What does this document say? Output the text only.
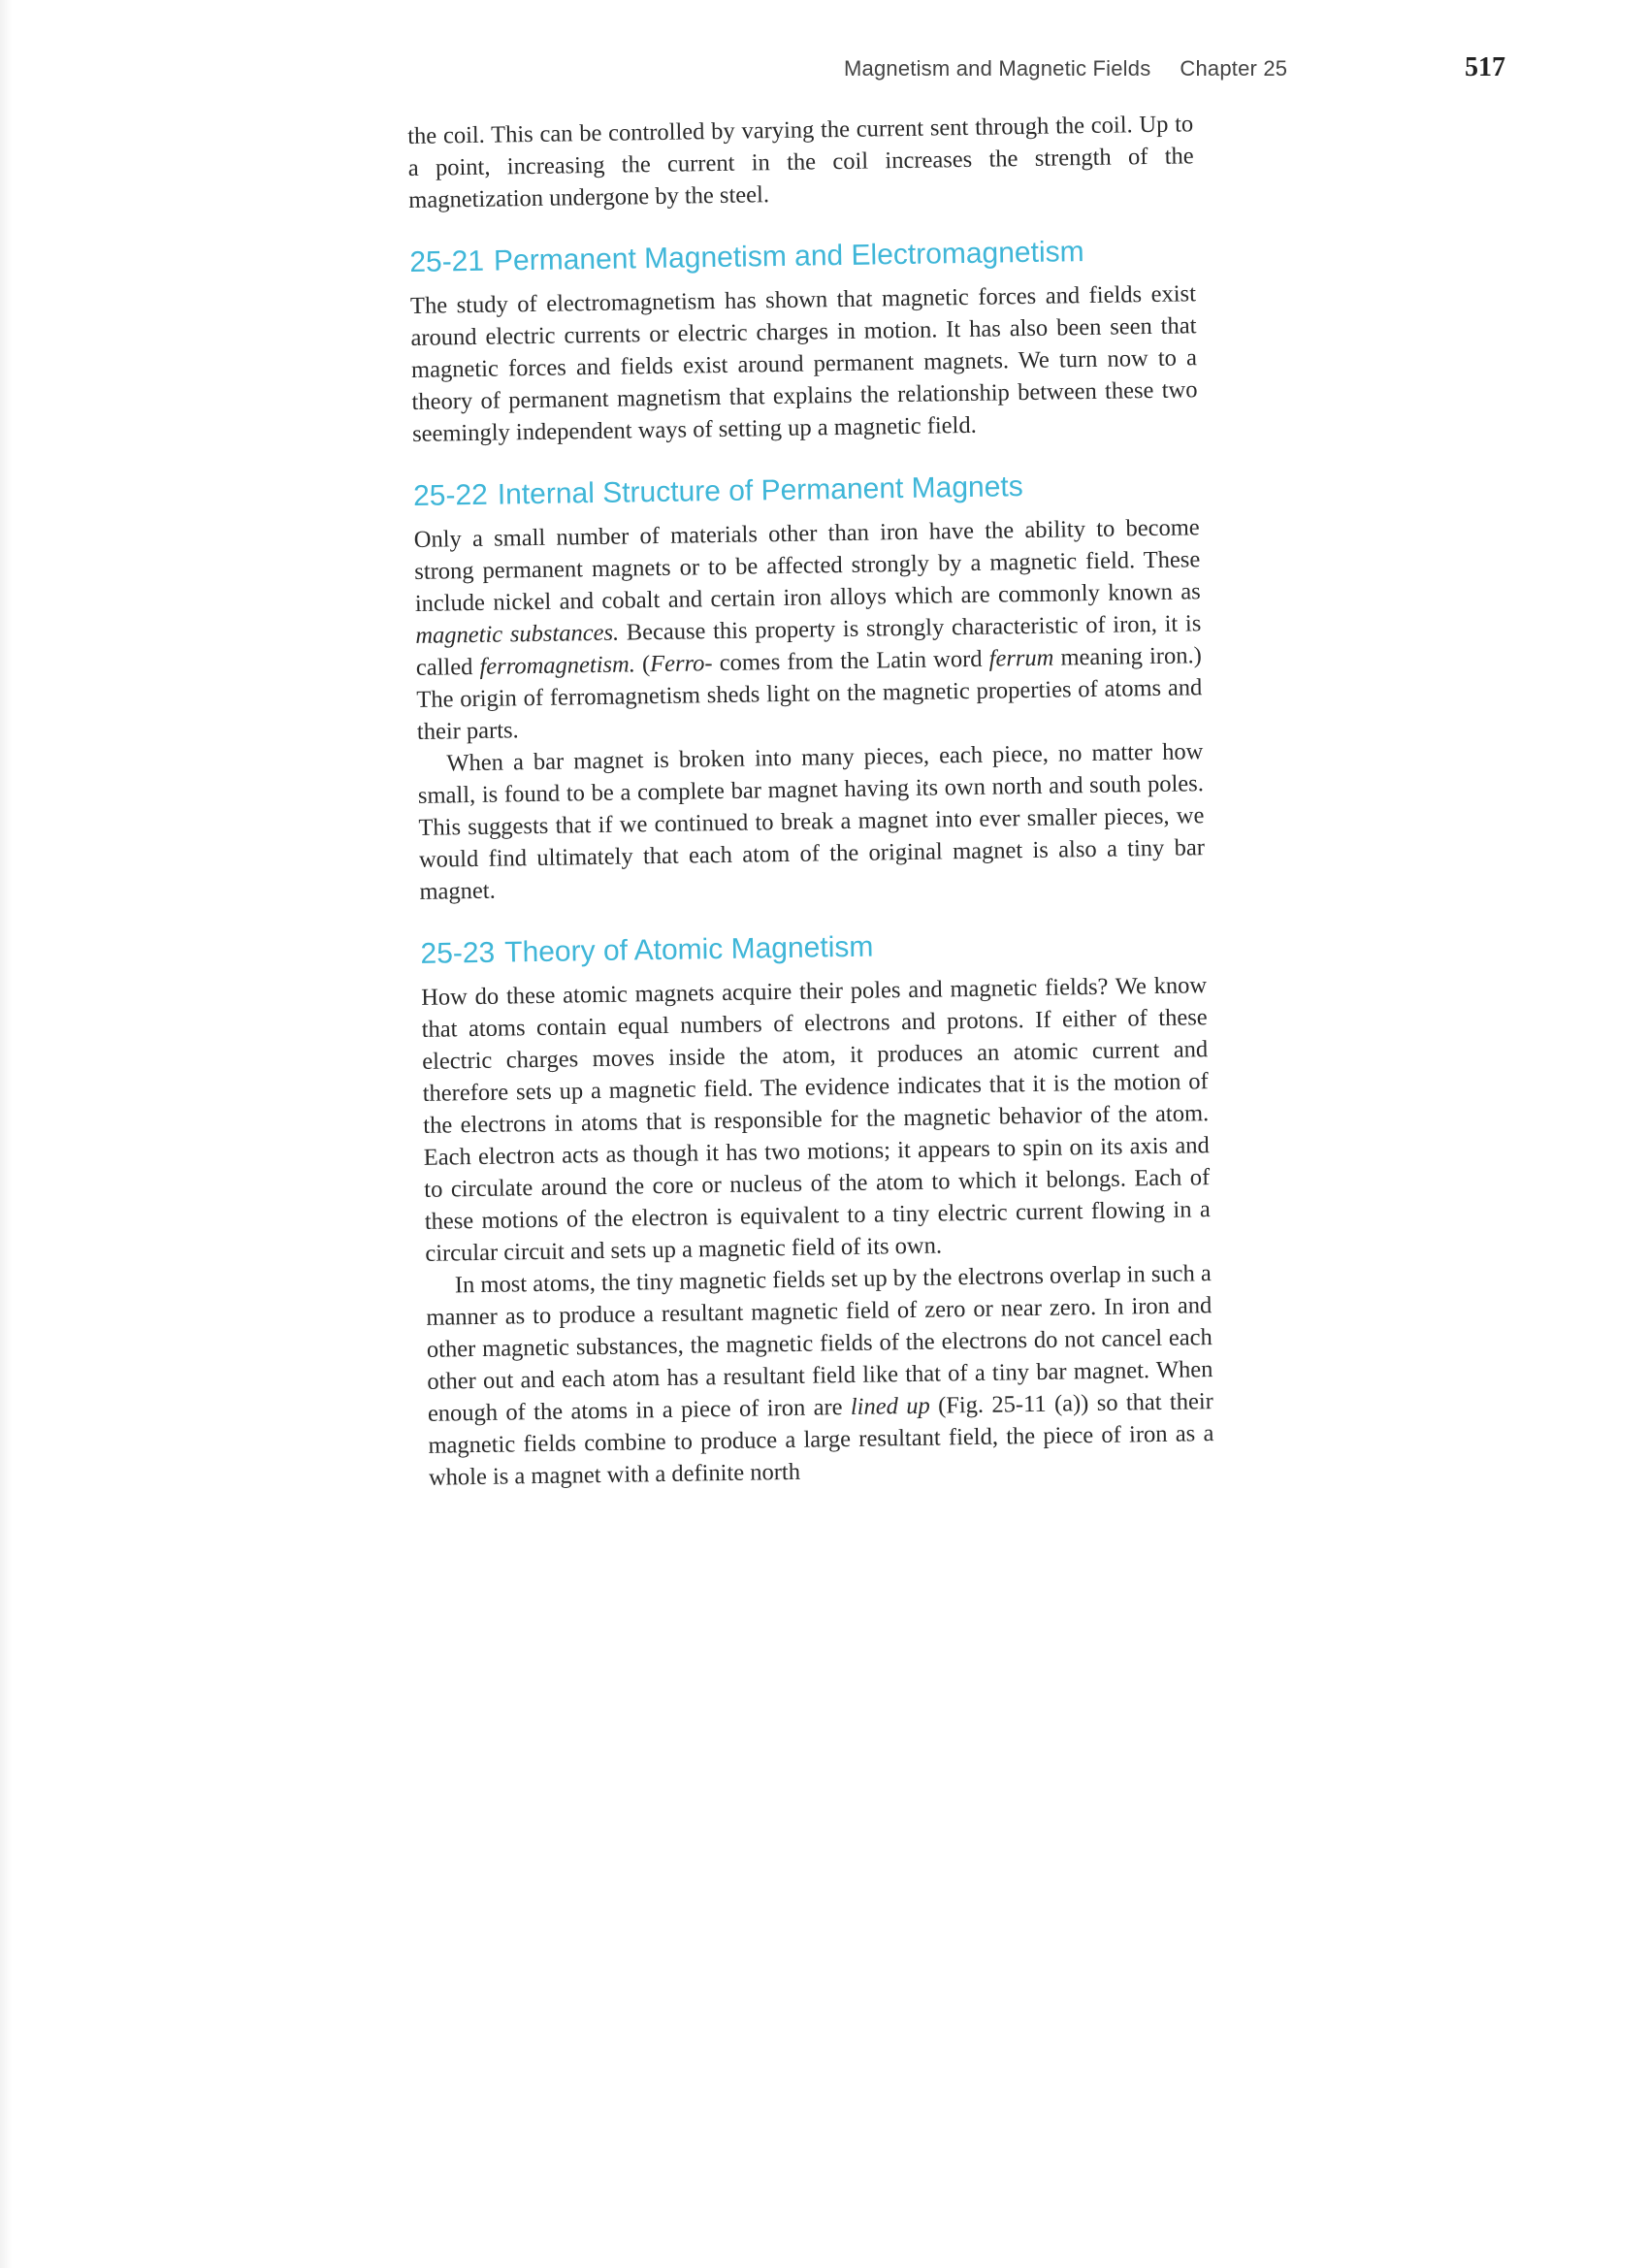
Magnetism and Magnetic Fields Chapter 25	517

the coil. This can be controlled by varying the current sent through the coil. Up to a point, increasing the current in the coil increases the strength of the magnetization undergone by the steel.

25-21 Permanent Magnetism and Electromagnetism

The study of electromagnetism has shown that magnetic forces and fields exist around electric currents or electric charges in motion. It has also been seen that magnetic forces and fields exist around permanent magnets. We turn now to a theory of permanent magnetism that explains the relationship between these two seemingly independent ways of setting up a magnetic field.

25-22 Internal Structure of Permanent Magnets

Only a small number of materials other than iron have the ability to become strong permanent magnets or to be affected strongly by a magnetic field. These include nickel and cobalt and certain iron alloys which are commonly known as magnetic substances. Because this property is strongly characteristic of iron, it is called ferromagnetism. (Ferro- comes from the Latin word ferrum meaning iron.) The origin of ferromagnetism sheds light on the magnetic properties of atoms and their parts.

When a bar magnet is broken into many pieces, each piece, no matter how small, is found to be a complete bar magnet having its own north and south poles. This suggests that if we continued to break a magnet into ever smaller pieces, we would find ultimately that each atom of the original magnet is also a tiny bar magnet.

25-23 Theory of Atomic Magnetism

How do these atomic magnets acquire their poles and magnetic fields? We know that atoms contain equal numbers of electrons and protons. If either of these electric charges moves inside the atom, it produces an atomic current and therefore sets up a magnetic field. The evidence indicates that it is the motion of the electrons in atoms that is responsible for the magnetic behavior of the atom. Each electron acts as though it has two motions; it appears to spin on its axis and to circulate around the core or nucleus of the atom to which it belongs. Each of these motions of the electron is equivalent to a tiny electric current flowing in a circular circuit and sets up a magnetic field of its own.

In most atoms, the tiny magnetic fields set up by the electrons overlap in such a manner as to produce a resultant magnetic field of zero or near zero. In iron and other magnetic substances, the magnetic fields of the electrons do not cancel each other out and each atom has a resultant field like that of a tiny bar magnet. When enough of the atoms in a piece of iron are lined up (Fig. 25-11 (a)) so that their magnetic fields combine to produce a large resultant field, the piece of iron as a whole is a magnet with a definite north
